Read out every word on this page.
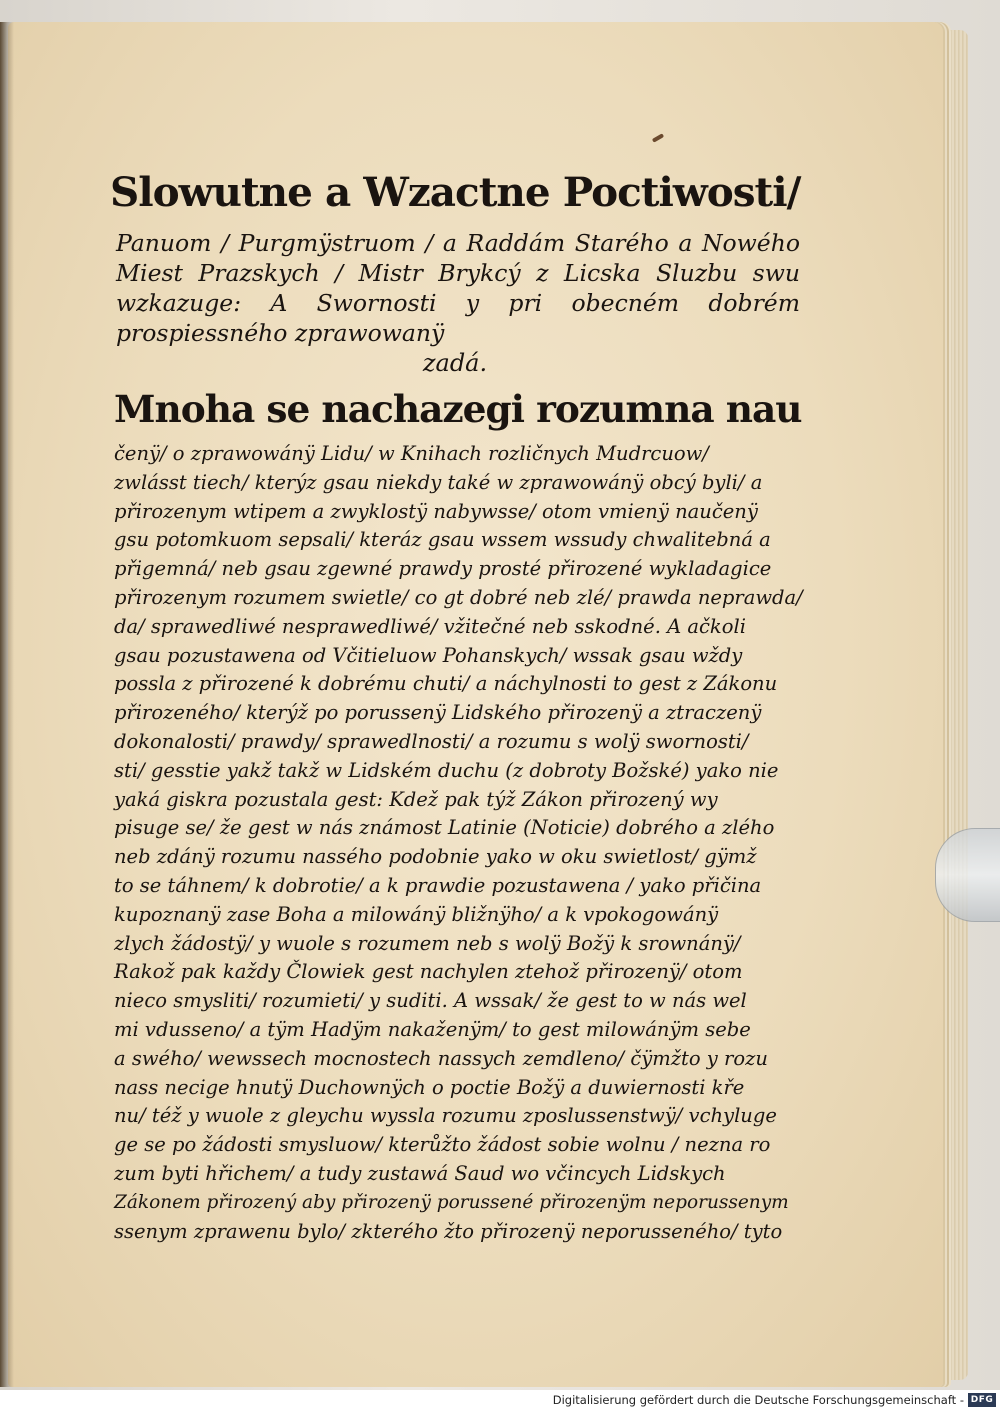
Slowutne a Wzactne Poctiwosti/

Panuom / Purgmÿstruom / a Raddám Starého a Nowého Miest Prazskych / Mistr Brykcý z Licska Sluzbu swu wzkazuge: A Swornosti y pri obecném dobrém prospiessného zprawowanÿ

zadá.

Mnoha se nachazegi rozumna nau
čenÿ/ o zprawowánÿ Lidu/ w Knihach rozličnych Mudrcuow/
zwlásst tiech/ kterýz gsau niekdy také w zprawowánÿ obcý byli/ a
přirozenym wtipem a zwyklostÿ nabywsse/ otom vmienÿ naučenÿ
gsu potomkuom sepsali/ kteráz gsau wssem wssudy chwalitebná a
přigemná/ neb gsau zgewné prawdy prosté přirozené wykladagice
přirozenym rozumem swietle/ co gt dobré neb zlé/ prawda neprawda/
da/ sprawedliwé nesprawedliwé/ vžitečné neb sskodné. A ačkoli
gsau pozustawena od Včitieluow Pohanskych/ wssak gsau wždy
possla z přirozené k dobrému chuti/ a náchylnosti to gest z Zákonu
přirozeného/ kterýž po porussenÿ Lidského přirozenÿ a ztraczenÿ
dokonalosti/ prawdy/ sprawedlnosti/ a rozumu s wolÿ swornosti/
sti/ gesstie yakž takž w Lidském duchu (z dobroty Božské) yako nie
yaká giskra pozustala gest: Kdež pak týž Zákon přirozený wy
pisuge se/ že gest w nás známost Latinie (Noticie) dobrého a zlého
neb zdánÿ rozumu nassého podobnie yako w oku swietlost/ gÿmž
to se táhnem/ k dobrotie/ a k prawdie pozustawena / yako přičina
kupoznanÿ zase Boha a milowánÿ bližnÿho/ a k vpokogowánÿ
zlych žádostÿ/ y wuole s rozumem neb s wolÿ Božÿ k srownánÿ/
Rakož pak každy Člowiek gest nachylen ztehož přirozenÿ/ otom
nieco smysliti/ rozumieti/ y suditi. A wssak/ že gest to w nás wel
mi vdusseno/ a tÿm Hadÿm nakaženÿm/ to gest milowánÿm sebe
a swého/ wewssech mocnostech nassych zemdleno/ čÿmžto y rozu
nass necige hnutÿ Duchownÿch o poctie Božÿ a duwiernosti kře
nu/ též y wuole z gleychu wyssla rozumu zposlussenstwÿ/ vchyluge
ge se po žádosti smysluow/ kterůžto žádost sobie wolnu / nezna ro
zum byti hřichem/ a tudy zustawá Saud wo včincych Lidskych
Zákonem přirozený aby přirozenÿ porussené přirozenÿm neporussenym
ssenym zprawenu bylo/ zkterého žto přirozenÿ neporusseného/ tyto
Digitalisierung gefördert durch die Deutsche Forschungsgemeinschaft - DFG
